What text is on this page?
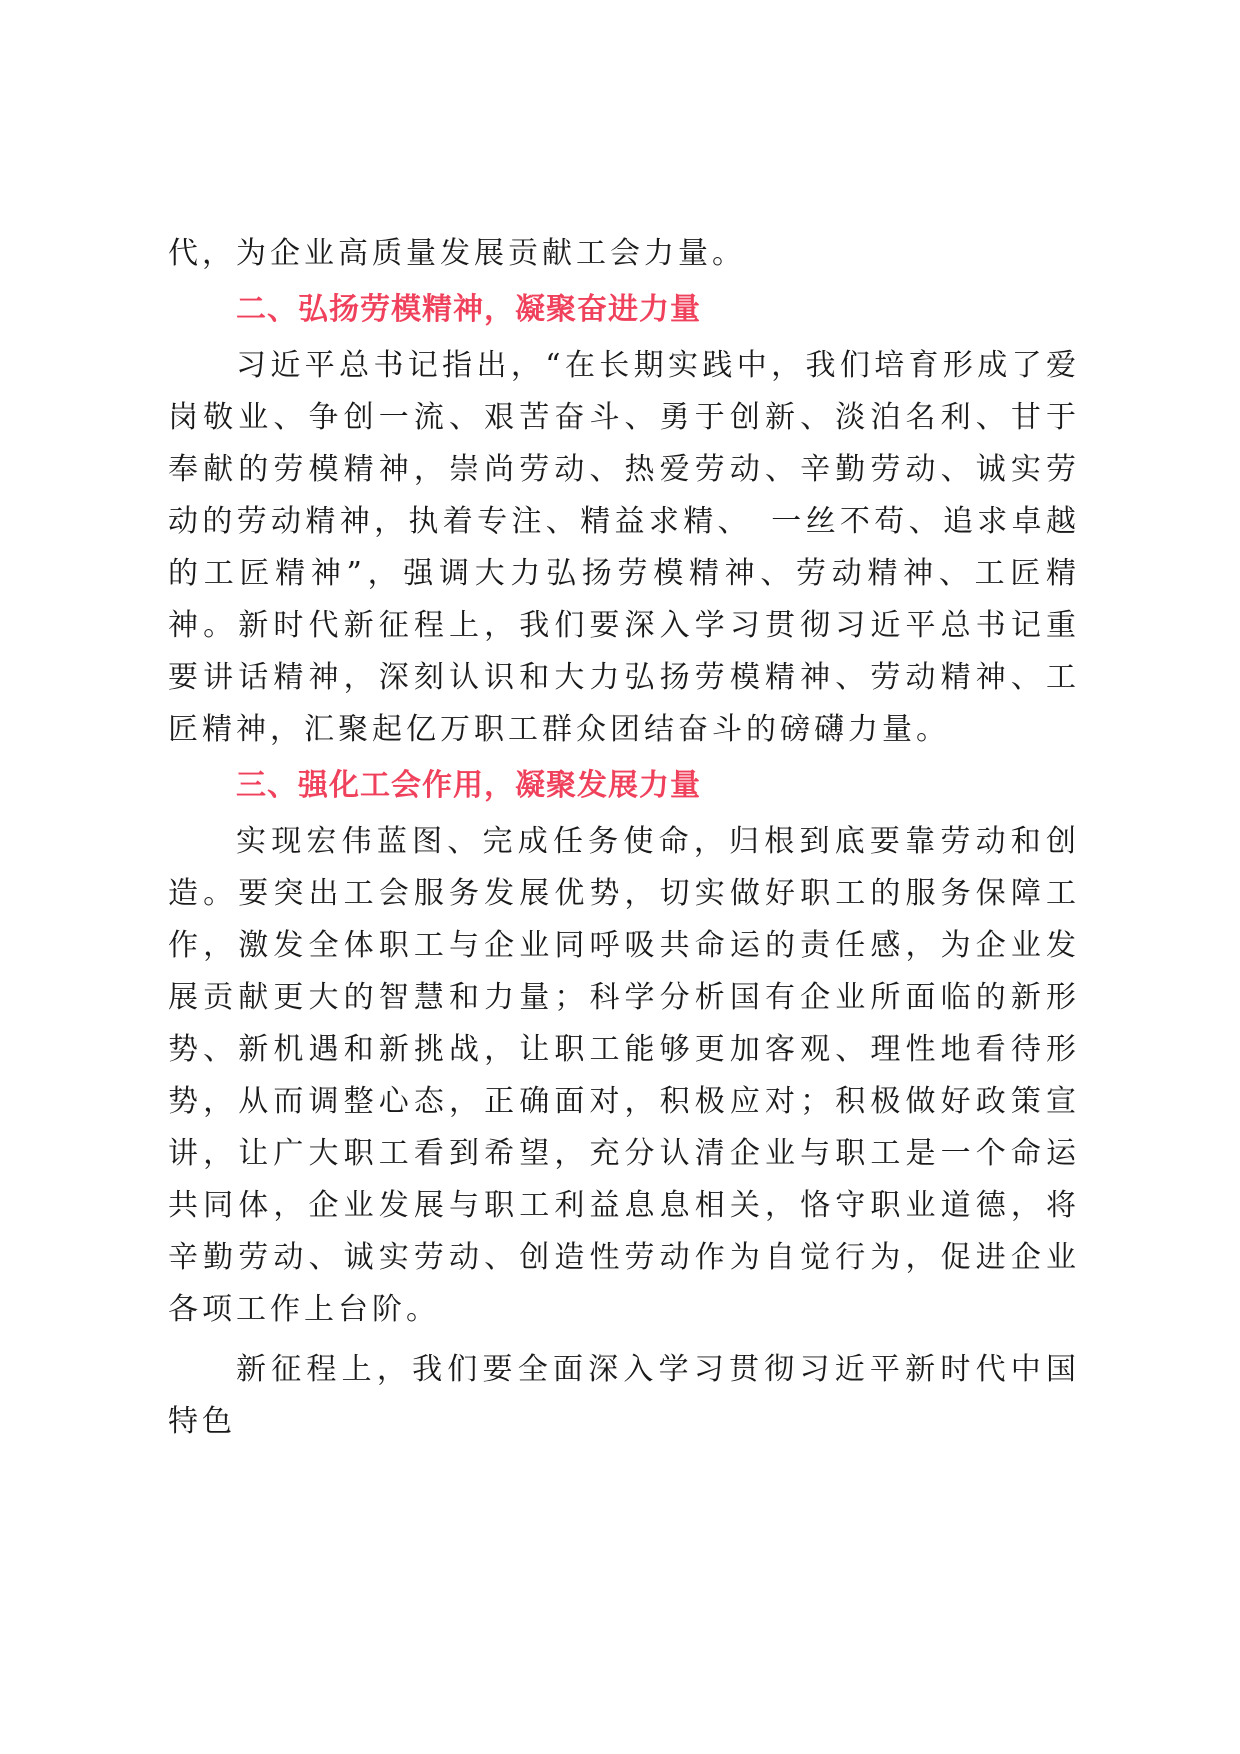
代，为企业高质量发展贡献工会力量。

二、弘扬劳模精神，凝聚奋进力量

习近平总书记指出，“在长期实践中，我们培育形成了爱岗敬业、争创一流、艰苦奋斗、勇于创新、淡泊名利、甘于奉献的劳模精神，崇尚劳动、热爱劳动、辛勤劳动、诚实劳动的劳动精神，执着专注、精益求精、　一丝不苟、追求卓越的工匠精神”，强调大力弘扬劳模精神、劳动精神、工匠精神。新时代新征程上，我们要深入学习贯彻习近平总书记重要讲话精神，深刻认识和大力弘扬劳模精神、劳动精神、工匠精神，汇聚起亿万职工群众团结奋斗的磅礴力量。

三、强化工会作用，凝聚发展力量

实现宏伟蓝图、完成任务使命，归根到底要靠劳动和创造。要突出工会服务发展优势，切实做好职工的服务保障工作，激发全体职工与企业同呼吸共命运的责任感，为企业发展贡献更大的智慧和力量；科学分析国有企业所面临的新形势、新机遇和新挑战，让职工能够更加客观、理性地看待形势，从而调整心态，正确面对，积极应对；积极做好政策宣讲，让广大职工看到希望，充分认清企业与职工是一个命运共同体，企业发展与职工利益息息相关，恪守职业道德，将辛勤劳动、诚实劳动、创造性劳动作为自觉行为，促进企业各项工作上台阶。

新征程上，我们要全面深入学习贯彻习近平新时代中国特色
